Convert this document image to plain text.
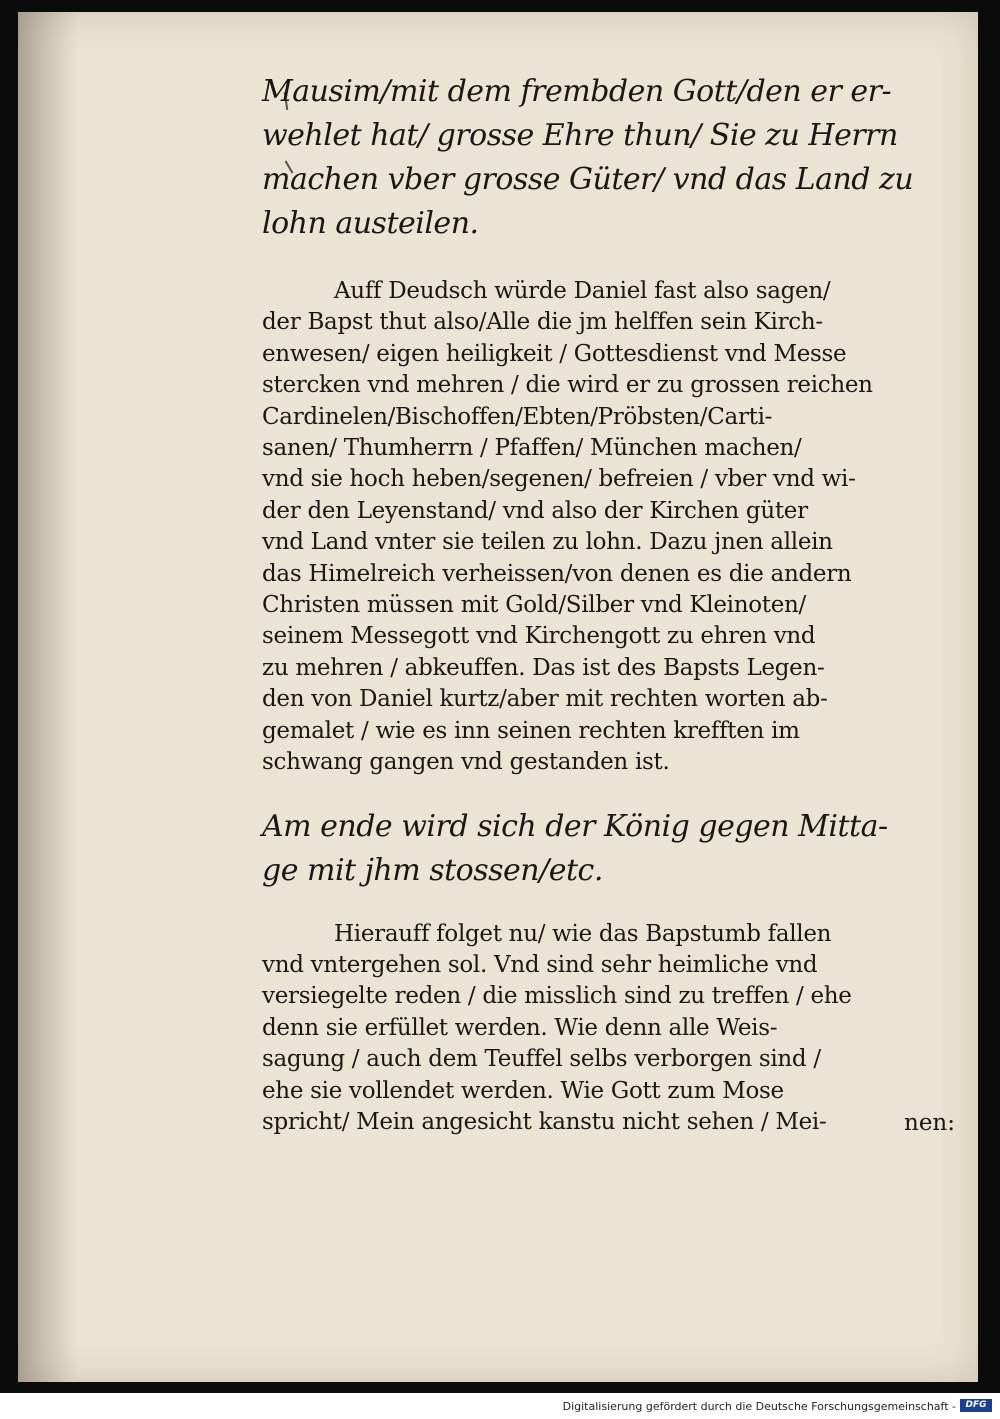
Mausim/mit dem frembden Gott/den er er-
wehlet hat/ grosse Ehre thun/ Sie zu Herrn
machen vber grosse Güter/ vnd das Land zu
lohn austeilen.

Auff Deudsch würde Daniel fast also sagen/
der Bapst thut also/Alle die jm helffen sein Kirch-
enwesen/ eigen heiligkeit / Gottesdienst vnd Messe
stercken vnd mehren / die wird er zu grossen reichen
Cardinelen/Bischoffen/Ebten/Pröbsten/Carti-
sanen/ Thumherrn / Pfaffen/ München machen/
vnd sie hoch heben/segenen/ befreien / vber vnd wi-
der den Leyenstand/ vnd also der Kirchen güter
vnd Land vnter sie teilen zu lohn. Dazu jnen allein
das Himelreich verheissen/von denen es die andern
Christen müssen mit Gold/Silber vnd Kleinoten/
seinem Messegott vnd Kirchengott zu ehren vnd
zu mehren / abkeuffen. Das ist des Bapsts Legen-
den von Daniel kurtz/aber mit rechten worten ab-
gemalet / wie es inn seinen rechten krefften im
schwang gangen vnd gestanden ist.

Am ende wird sich der König gegen Mitta-
ge mit jhm stossen/etc.

Hierauff folget nu/ wie das Bapstumb fallen
vnd vntergehen sol. Vnd sind sehr heimliche vnd
versiegelte reden / die misslich sind zu treffen / ehe
denn sie erfüllet werden. Wie denn alle Weis-
sagung / auch dem Teuffel selbs verborgen sind /
ehe sie vollendet werden. Wie Gott zum Mose
spricht/ Mein angesicht kanstu nicht sehen / Mei-	nen:
Digitalisierung gefördert durch die Deutsche Forschungsgemeinschaft -	DFG
